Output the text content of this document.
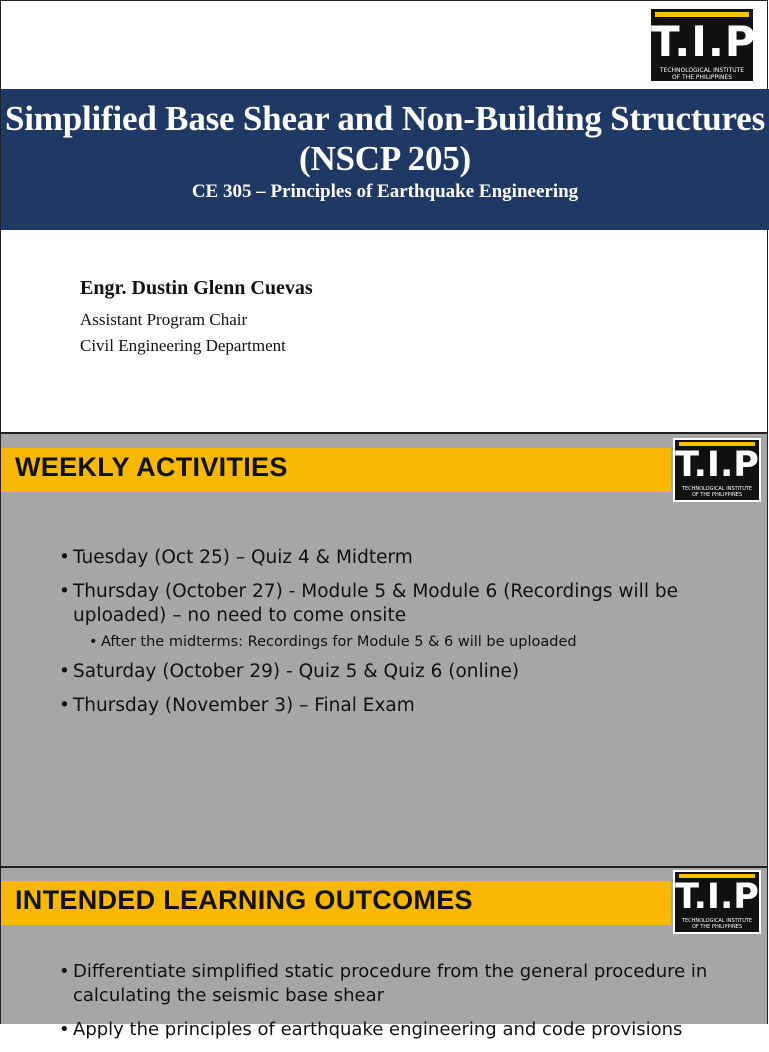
T.I.P
TECHNOLOGICAL INSTITUTE
OF THE PHILIPPINES
Simplified Base Shear and Non-Building Structures (NSCP 205)
CE 305 – Principles of Earthquake Engineering
Engr. Dustin Glenn Cuevas
Assistant Program Chair
Civil Engineering Department
WEEKLY ACTIVITIES	T.I.P
TECHNOLOGICAL INSTITUTE
OF THE PHILIPPINES
• Tuesday (Oct 25) – Quiz 4 & Midterm
• Thursday (October 27) - Module 5 & Module 6 (Recordings will be uploaded) – no need to come onsite
• After the midterms: Recordings for Module 5 & 6 will be uploaded
• Saturday (October 29) - Quiz 5 & Quiz 6 (online)
• Thursday (November 3) – Final Exam
INTENDED LEARNING OUTCOMES	T.I.P
TECHNOLOGICAL INSTITUTE
OF THE PHILIPPINES
• Differentiate simplified static procedure from the general procedure in calculating the seismic base shear
• Apply the principles of earthquake engineering and code provisions
